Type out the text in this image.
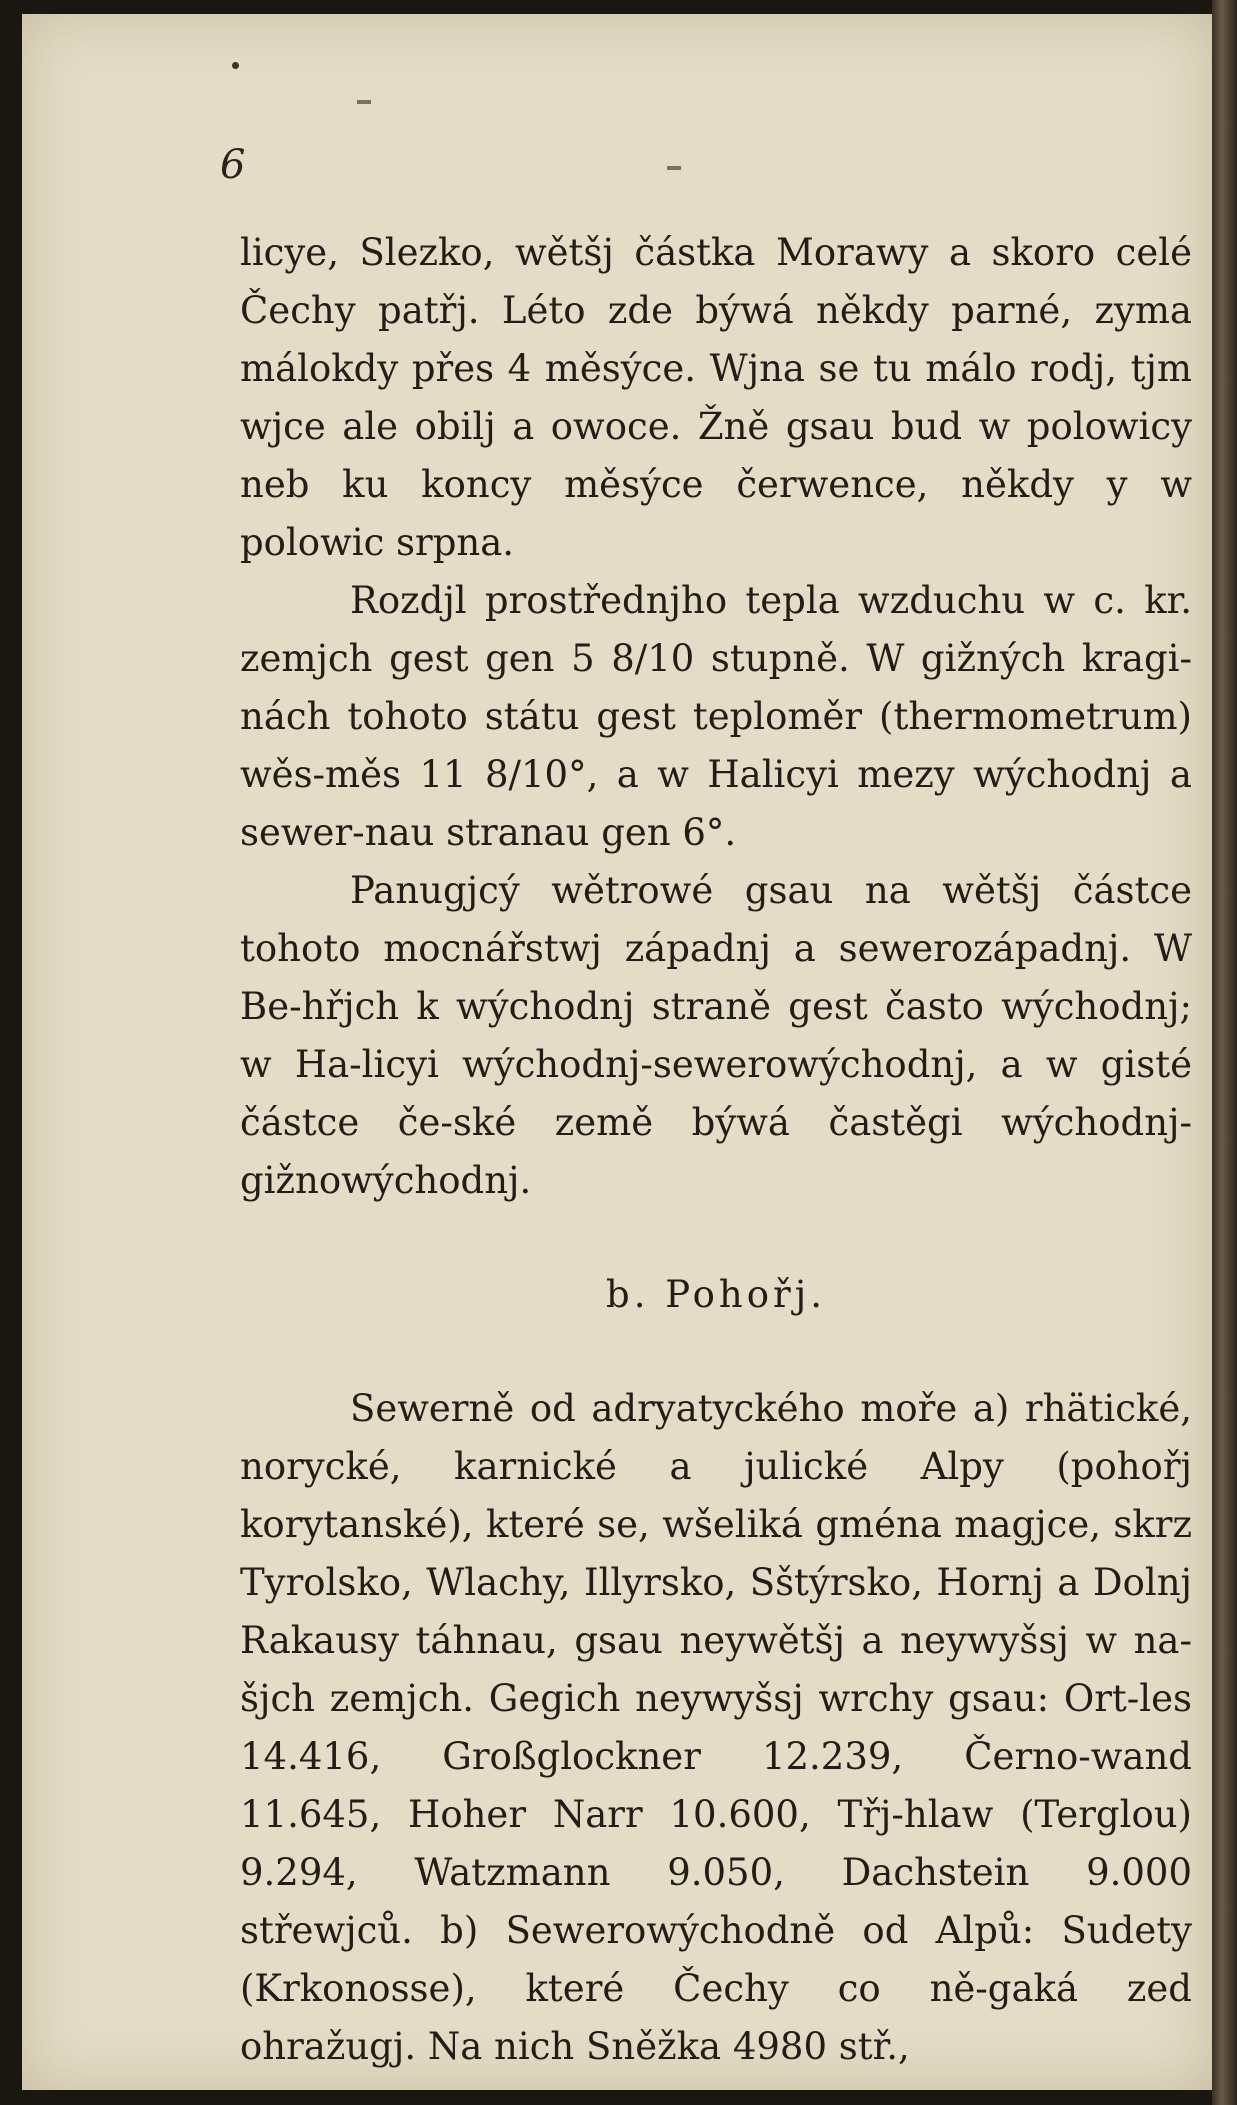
6

licye, Slezko, wětšj částka Morawy a skoro celé Čechy patřj. Léto zde býwá někdy parné, zyma málokdy přes 4 měsýce. Wjna se tu málo rodj, tjm wjce ale obilj a owoce. Žně gsau bud w polowicy neb ku koncy měsýce čerwence, někdy y w polowic srpna.

Rozdjl prostřednjho tepla wzduchu w c. kr. zemjch gest gen 5 8/10 stupně. W gižných kragi-nách tohoto státu gest teploměr (thermometrum) wěs-měs 11 8/10°, a w Halicyi mezy wýchodnj a sewer-nau stranau gen 6°.

Panugjcý wětrowé gsau na wětšj částce tohoto mocnářstwj západnj a sewerozápadnj. W Be-hřjch k wýchodnj straně gest často wýchodnj; w Ha-licyi wýchodnj-sewerowýchodnj, a w gisté částce če-ské země býwá častěgi wýchodnj-gižnowýchodnj.

b. Pohořj.

Sewerně od adryatyckého moře a) rhätické, norycké, karnické a julické Alpy (pohořj korytanské), které se, wšeliká gména magjce, skrz Tyrolsko, Wlachy, Illyrsko, Sštýrsko, Hornj a Dolnj Rakausy táhnau, gsau neywětšj a neywyšsj w na-šjch zemjch. Gegich neywyšsj wrchy gsau: Ort-les 14.416, Großglockner 12.239, Černo-wand 11.645, Hoher Narr 10.600, Třj-hlaw (Terglou) 9.294, Watzmann 9.050, Dachstein 9.000 střewjců. b) Sewerowýchodně od Alpů: Sudety (Krkonosse), které Čechy co ně-gaká zed ohražugj. Na nich Sněžka 4980 stř.,
